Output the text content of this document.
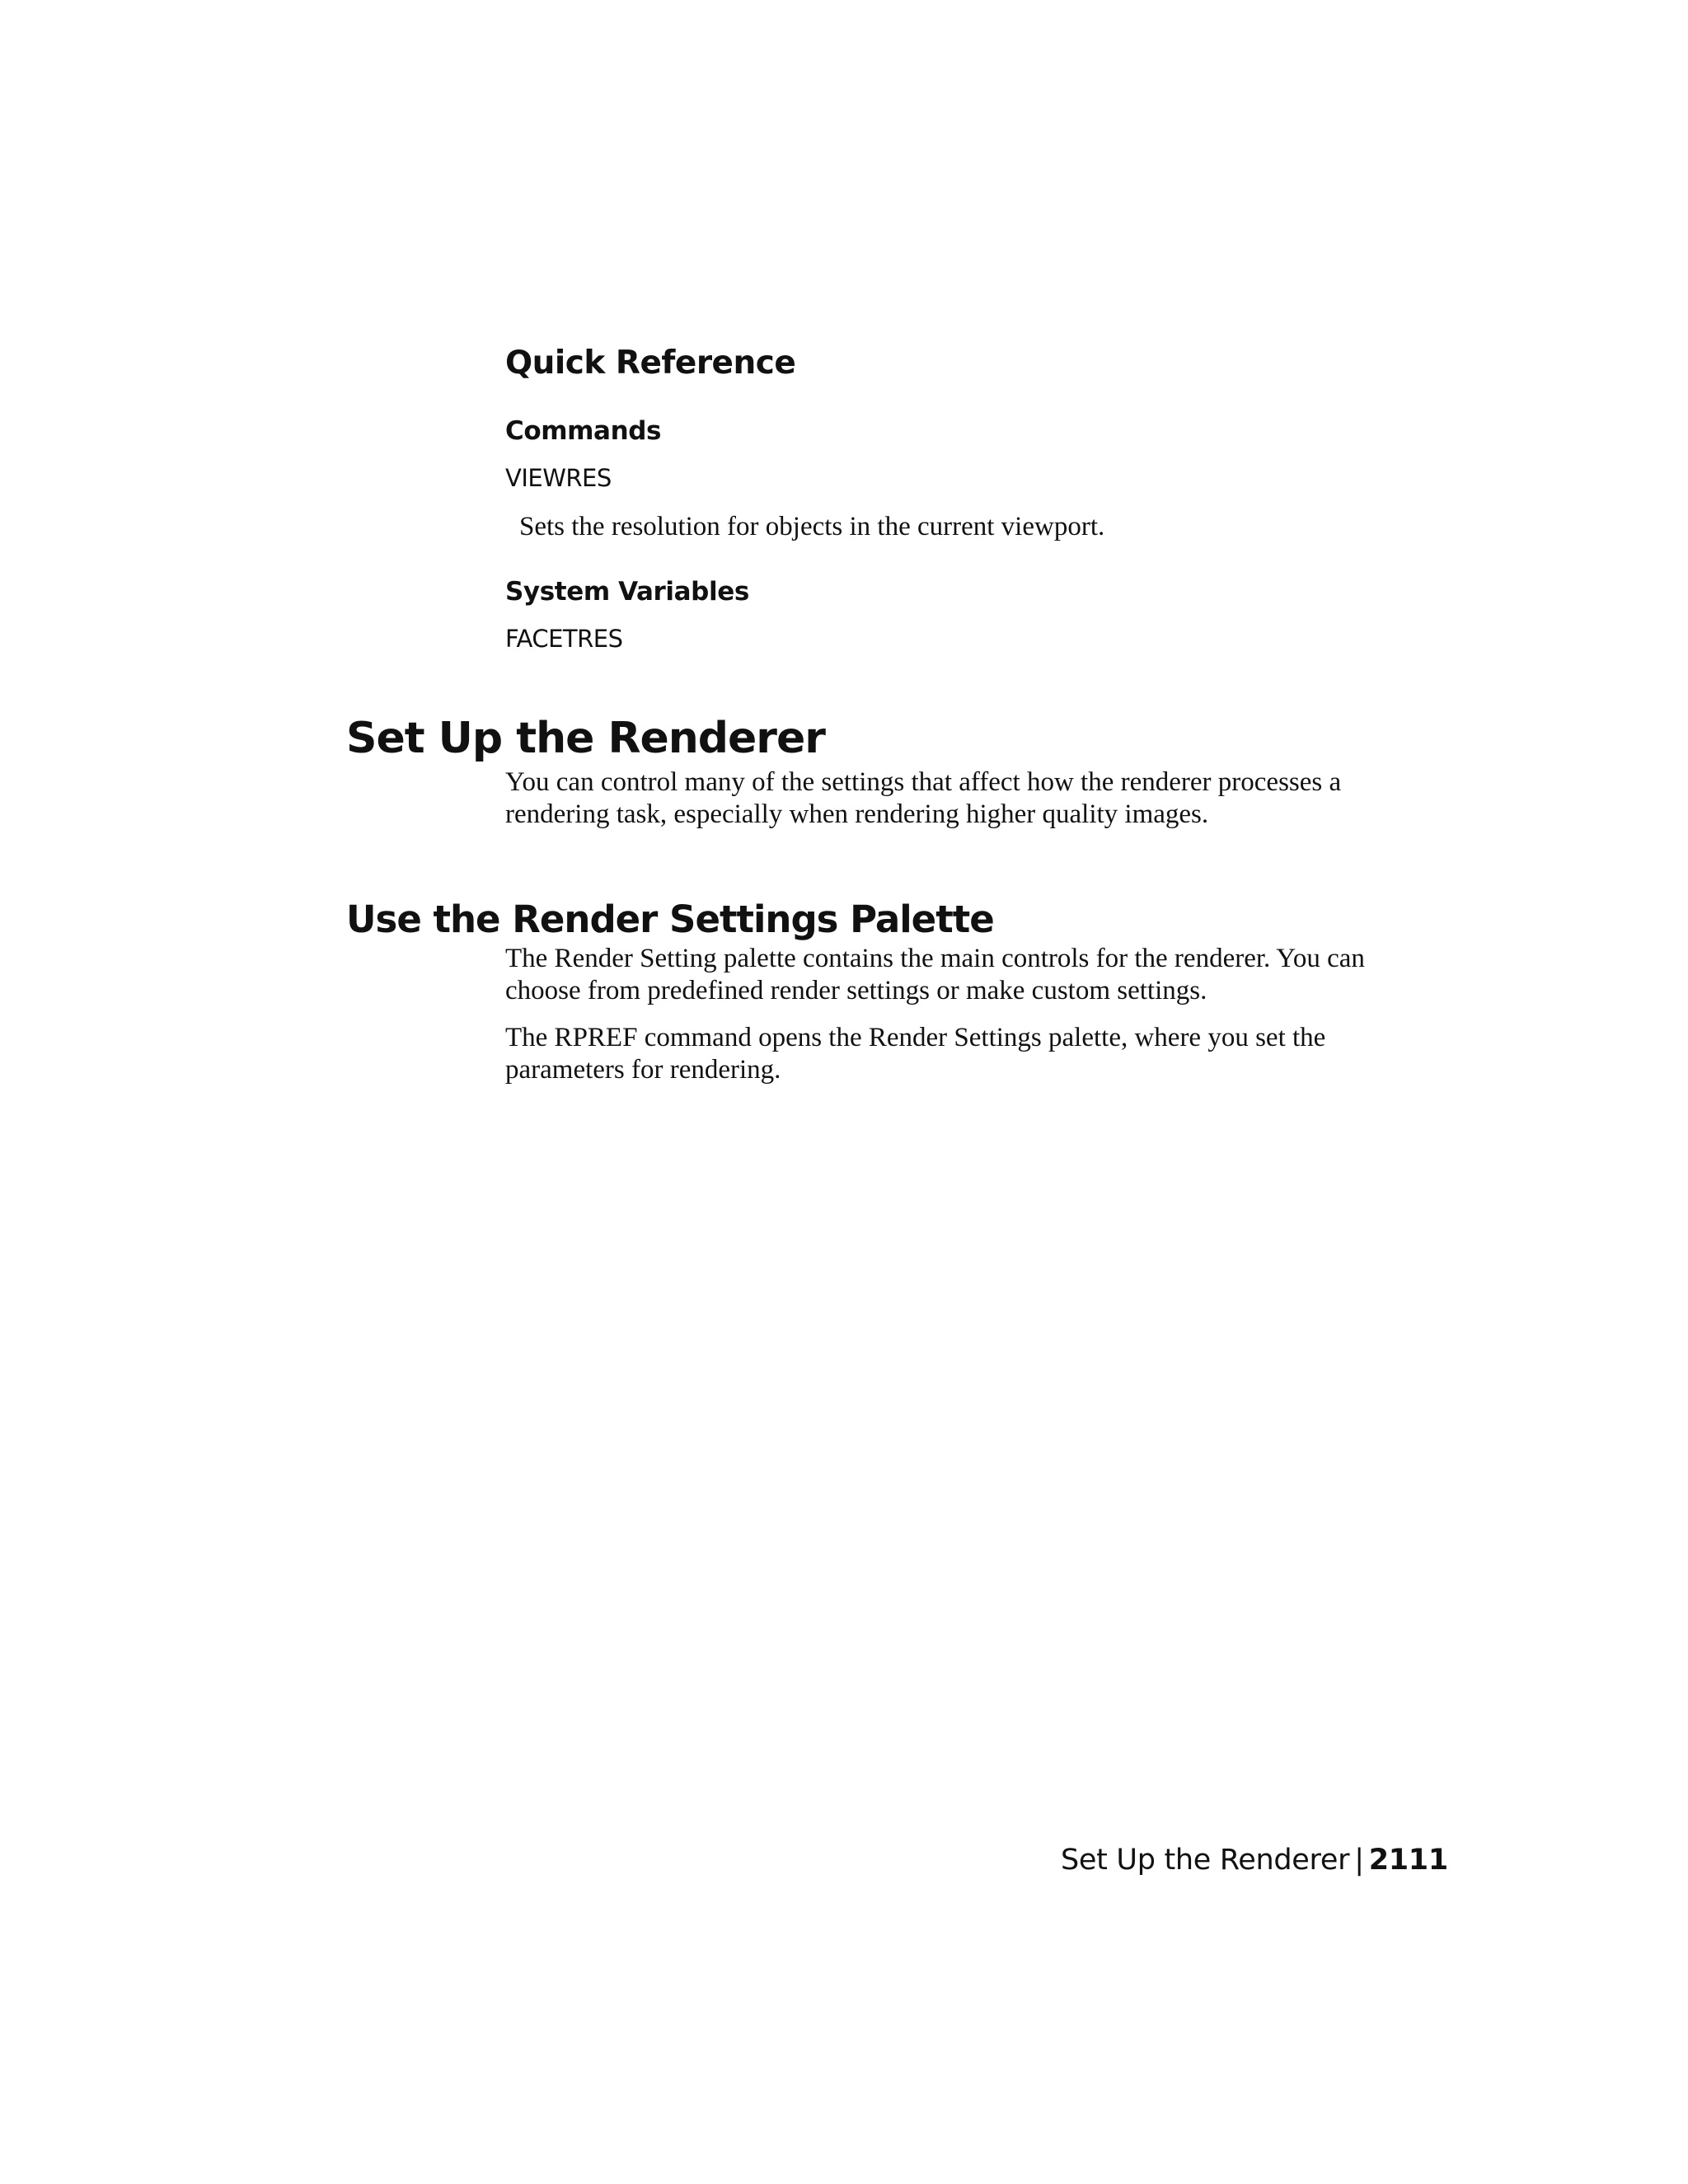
Quick Reference
Commands
VIEWRES

Sets the resolution for objects in the current viewport.

System Variables
FACETRES
Set Up the Renderer

You can control many of the settings that affect how the renderer processes a rendering task, especially when rendering higher quality images.

Use the Render Settings Palette

The Render Setting palette contains the main controls for the renderer. You can choose from predefined render settings or make custom settings.

The RPREF command opens the Render Settings palette, where you set the parameters for rendering.

Set Up the Renderer | 2111
